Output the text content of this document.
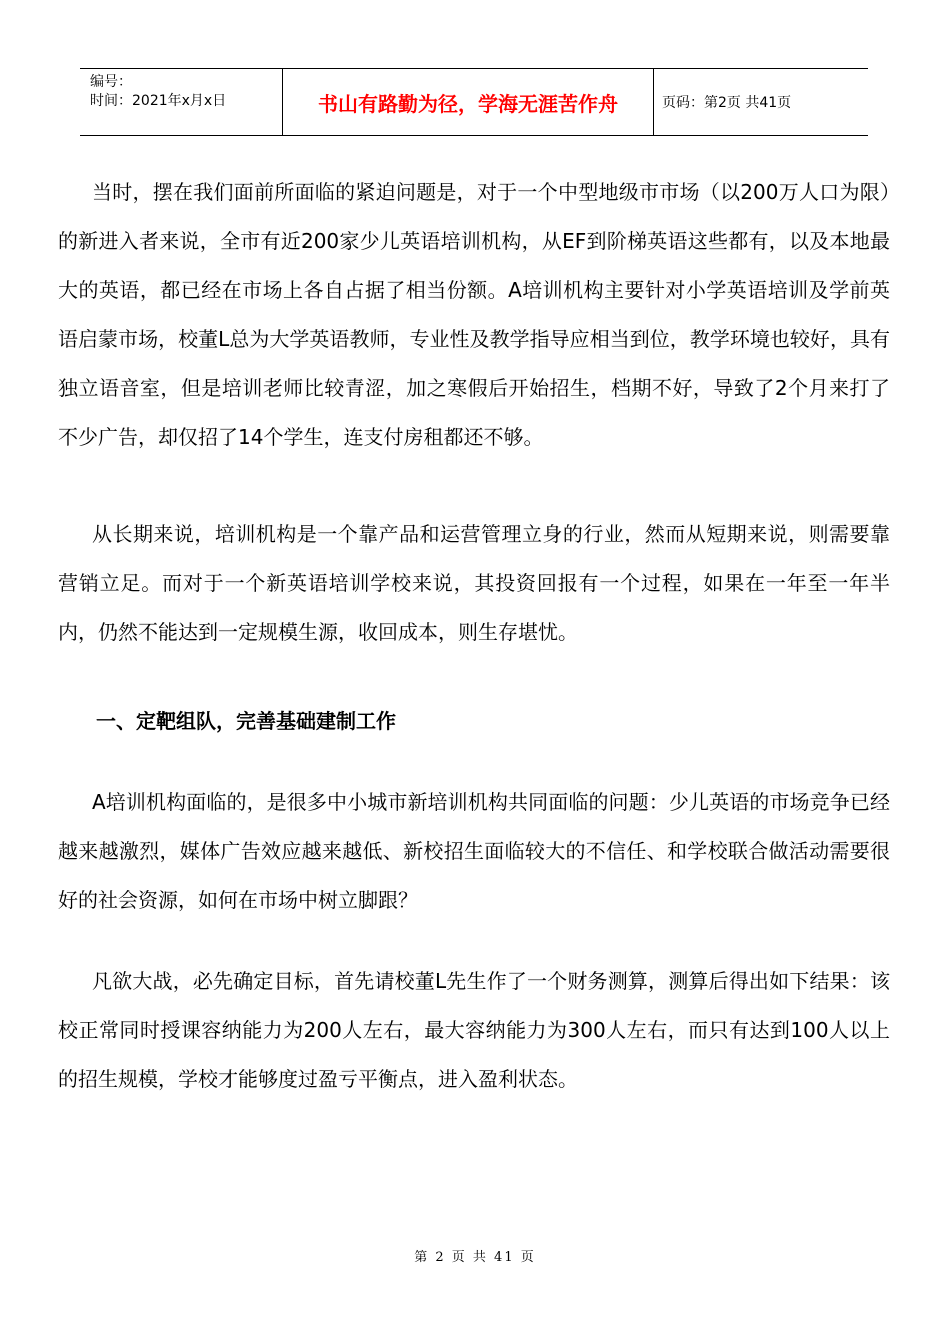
编号：
时间：2021年x月x日	书山有路勤为径，学海无涯苦作舟	页码：第2页 共41页

当时，摆在我们面前所面临的紧迫问题是，对于一个中型地级市市场（以200万人口为限）的新进入者来说，全市有近200家少儿英语培训机构，从EF到阶梯英语这些都有，以及本地最大的英语，都已经在市场上各自占据了相当份额。A培训机构主要针对小学英语培训及学前英语启蒙市场，校董L总为大学英语教师，专业性及教学指导应相当到位，教学环境也较好，具有独立语音室，但是培训老师比较青涩，加之寒假后开始招生，档期不好，导致了2个月来打了不少广告，却仅招了14个学生，连支付房租都还不够。

从长期来说，培训机构是一个靠产品和运营管理立身的行业，然而从短期来说，则需要靠营销立足。而对于一个新英语培训学校来说，其投资回报有一个过程，如果在一年至一年半内，仍然不能达到一定规模生源，收回成本，则生存堪忧。

一、定靶组队，完善基础建制工作

A培训机构面临的，是很多中小城市新培训机构共同面临的问题：少儿英语的市场竞争已经越来越激烈，媒体广告效应越来越低、新校招生面临较大的不信任、和学校联合做活动需要很好的社会资源，如何在市场中树立脚跟？

凡欲大战，必先确定目标，首先请校董L先生作了一个财务测算，测算后得出如下结果：该校正常同时授课容纳能力为200人左右，最大容纳能力为300人左右，而只有达到100人以上的招生规模，学校才能够度过盈亏平衡点，进入盈利状态。

第 2 页 共 41 页
